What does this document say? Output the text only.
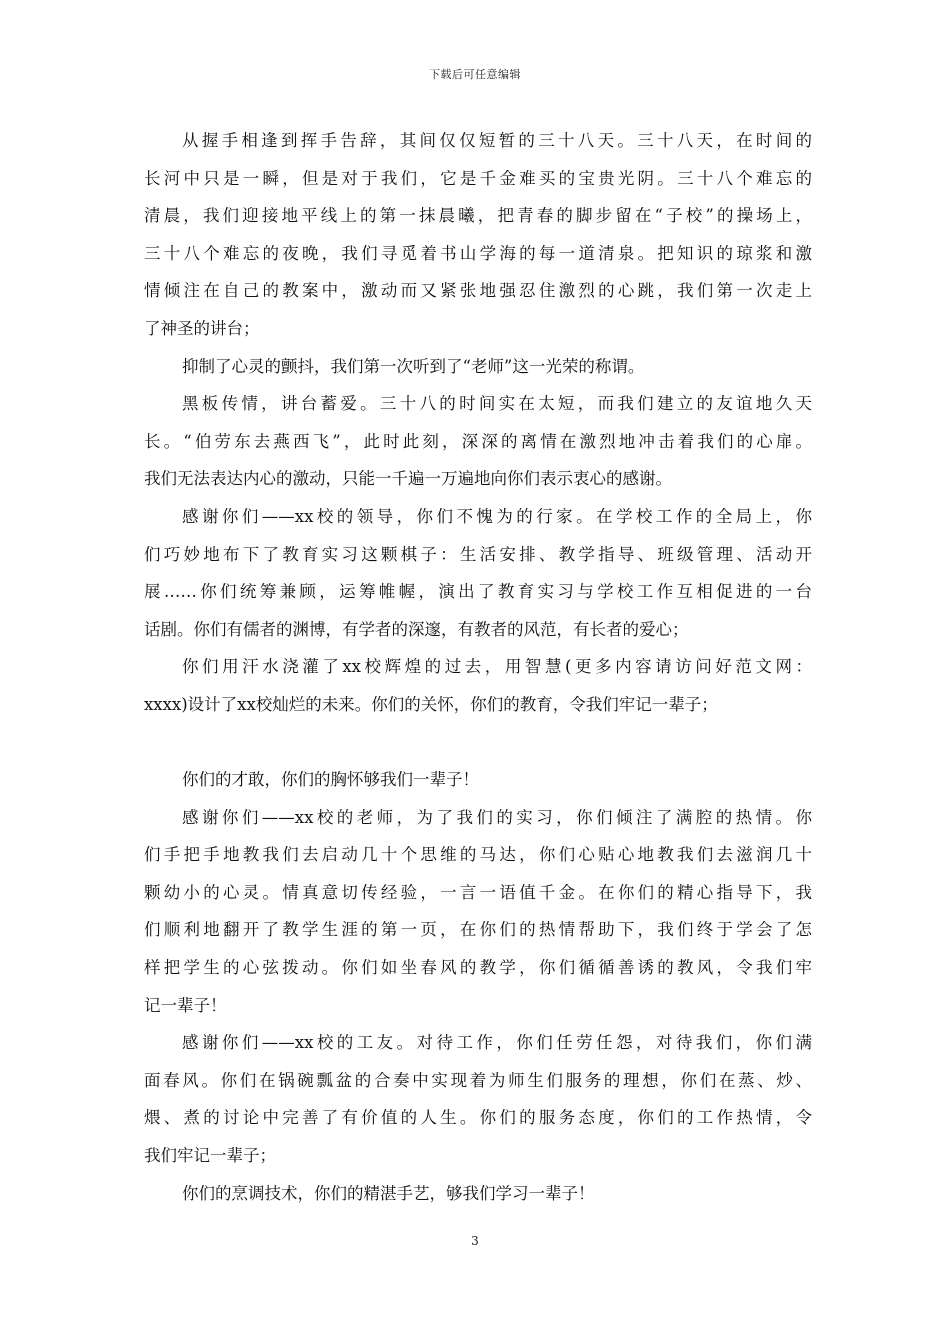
下载后可任意编辑
从握手相逢到挥手告辞，其间仅仅短暂的三十八天。三十八天，在时间的
长河中只是一瞬，但是对于我们，它是千金难买的宝贵光阴。三十八个难忘的
清晨，我们迎接地平线上的第一抹晨曦，把青春的脚步留在“子校”的操场上，
三十八个难忘的夜晚，我们寻觅着书山学海的每一道清泉。把知识的琼浆和激
情倾注在自己的教案中，激动而又紧张地强忍住激烈的心跳，我们第一次走上
了神圣的讲台；
抑制了心灵的颤抖，我们第一次听到了“老师”这一光荣的称谓。
黑板传情，讲台蓄爱。三十八的时间实在太短，而我们建立的友谊地久天
长。“伯劳东去燕西飞”，此时此刻，深深的离情在激烈地冲击着我们的心扉。
我们无法表达内心的激动，只能一千遍一万遍地向你们表示衷心的感谢。
感谢你们——xx校的领导，你们不愧为的行家。在学校工作的全局上，你
们巧妙地布下了教育实习这颗棋子：生活安排、教学指导、班级管理、活动开
展……你们统筹兼顾，运筹帷幄，演出了教育实习与学校工作互相促进的一台
话剧。你们有儒者的渊博，有学者的深邃，有教者的风范，有长者的爱心；
你们用汗水浇灌了xx校辉煌的过去，用智慧(更多内容请访问好范文网：
xxxx)设计了xx校灿烂的未来。你们的关怀，你们的教育，令我们牢记一辈子；
你们的才敢，你们的胸怀够我们一辈子！
感谢你们——xx校的老师，为了我们的实习，你们倾注了满腔的热情。你
们手把手地教我们去启动几十个思维的马达，你们心贴心地教我们去滋润几十
颗幼小的心灵。情真意切传经验，一言一语值千金。在你们的精心指导下，我
们顺利地翻开了教学生涯的第一页，在你们的热情帮助下，我们终于学会了怎
样把学生的心弦拨动。你们如坐春风的教学，你们循循善诱的教风，令我们牢
记一辈子！
感谢你们——xx校的工友。对待工作，你们任劳任怨，对待我们，你们满
面春风。你们在锅碗瓢盆的合奏中实现着为师生们服务的理想，你们在蒸、炒、
煨、煮的讨论中完善了有价值的人生。你们的服务态度，你们的工作热情，令
我们牢记一辈子；
你们的烹调技术，你们的精湛手艺，够我们学习一辈子！
3
